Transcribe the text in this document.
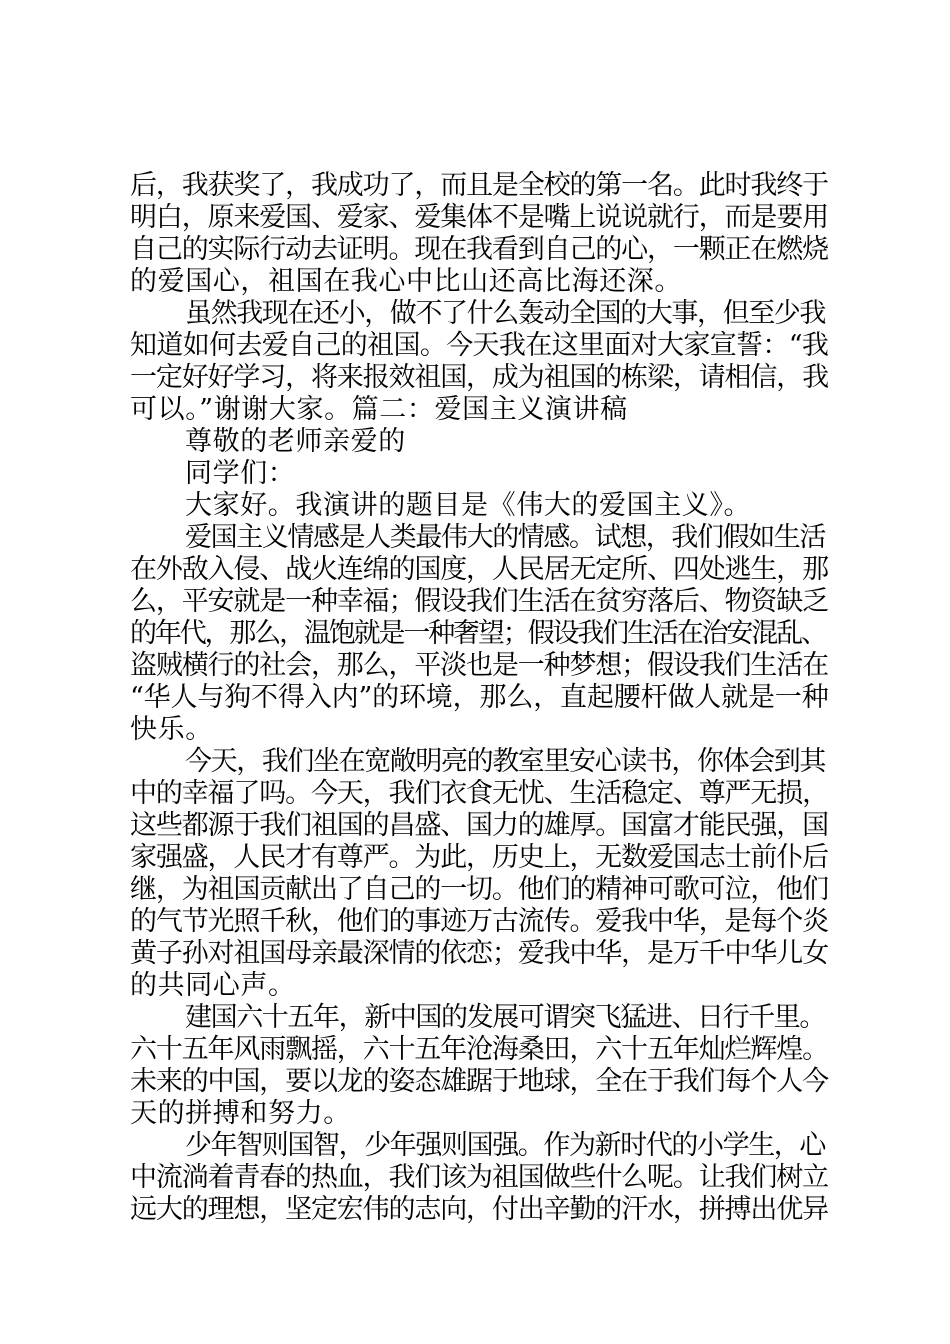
后，我获奖了，我成功了，而且是全校的第一名。此时我终于
明白，原来爱国、爱家、爱集体不是嘴上说说就行，而是要用
自己的实际行动去证明。现在我看到自己的心，一颗正在燃烧
的爱国心，祖国在我心中比山还高比海还深。
虽然我现在还小，做不了什么轰动全国的大事，但至少我
知道如何去爱自己的祖国。今天我在这里面对大家宣誓：“我
一定好好学习，将来报效祖国，成为祖国的栋梁，请相信，我
可以。”谢谢大家。篇二：爱国主义演讲稿
尊敬的老师亲爱的
同学们：
大家好。我演讲的题目是《伟大的爱国主义》。
爱国主义情感是人类最伟大的情感。试想，我们假如生活
在外敌入侵、战火连绵的国度，人民居无定所、四处逃生，那
么，平安就是一种幸福；假设我们生活在贫穷落后、物资缺乏
的年代，那么，温饱就是一种奢望；假设我们生活在治安混乱、
盗贼横行的社会，那么，平淡也是一种梦想；假设我们生活在
“华人与狗不得入内”的环境，那么，直起腰杆做人就是一种
快乐。
今天，我们坐在宽敞明亮的教室里安心读书，你体会到其
中的幸福了吗。今天，我们衣食无忧、生活稳定、尊严无损，
这些都源于我们祖国的昌盛、国力的雄厚。国富才能民强，国
家强盛，人民才有尊严。为此，历史上，无数爱国志士前仆后
继，为祖国贡献出了自己的一切。他们的精神可歌可泣，他们
的气节光照千秋，他们的事迹万古流传。爱我中华，是每个炎
黄子孙对祖国母亲最深情的依恋；爱我中华，是万千中华儿女
的共同心声。
建国六十五年，新中国的发展可谓突飞猛进、日行千里。
六十五年风雨飘摇，六十五年沧海桑田，六十五年灿烂辉煌。
未来的中国，要以龙的姿态雄踞于地球，全在于我们每个人今
天的拼搏和努力。
少年智则国智，少年强则国强。作为新时代的小学生，心
中流淌着青春的热血，我们该为祖国做些什么呢。让我们树立
远大的理想，坚定宏伟的志向，付出辛勤的汗水，拼搏出优异
